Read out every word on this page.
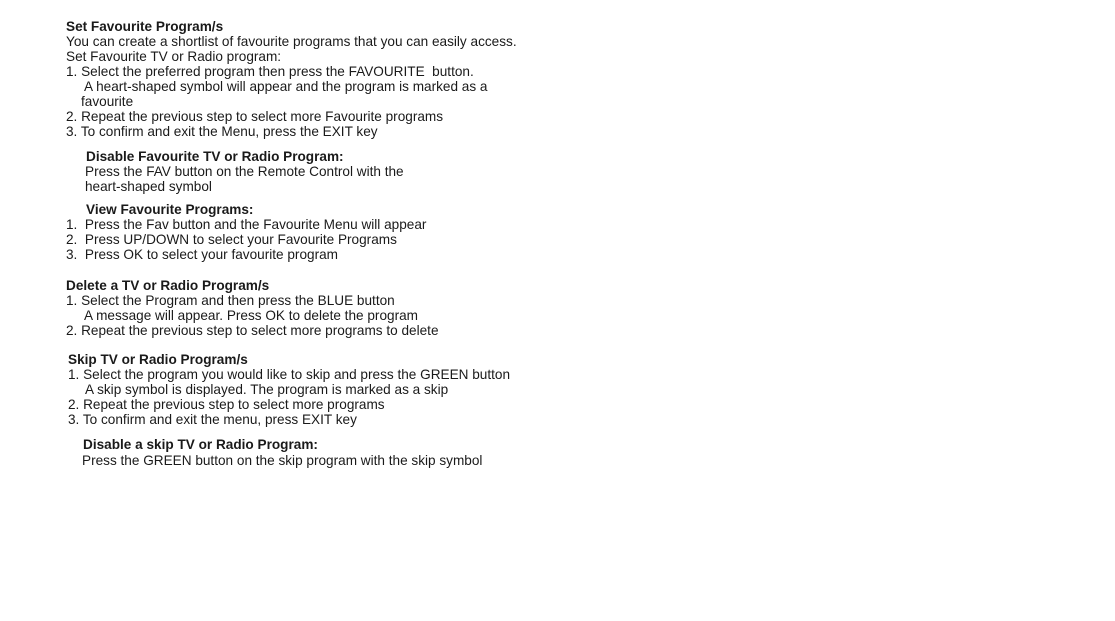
Set Favourite Program/s
You can create a shortlist of favourite programs that you can easily access.
Set Favourite TV or Radio program:
1. Select the preferred program then press the FAVOURITE  button.
A heart-shaped symbol will appear and the program is marked as a
favourite
2. Repeat the previous step to select more Favourite programs
3. To confirm and exit the Menu, press the EXIT key
Disable Favourite TV or Radio Program:
Press the FAV button on the Remote Control with the
heart-shaped symbol
View Favourite Programs:
1.  Press the Fav button and the Favourite Menu will appear
2.  Press UP/DOWN to select your Favourite Programs
3.  Press OK to select your favourite program
Delete a TV or Radio Program/s
1. Select the Program and then press the BLUE button
A message will appear. Press OK to delete the program
2. Repeat the previous step to select more programs to delete
Skip TV or Radio Program/s
1. Select the program you would like to skip and press the GREEN button
A skip symbol is displayed. The program is marked as a skip
2. Repeat the previous step to select more programs
3. To confirm and exit the menu, press EXIT key
Disable a skip TV or Radio Program:
Press the GREEN button on the skip program with the skip symbol
